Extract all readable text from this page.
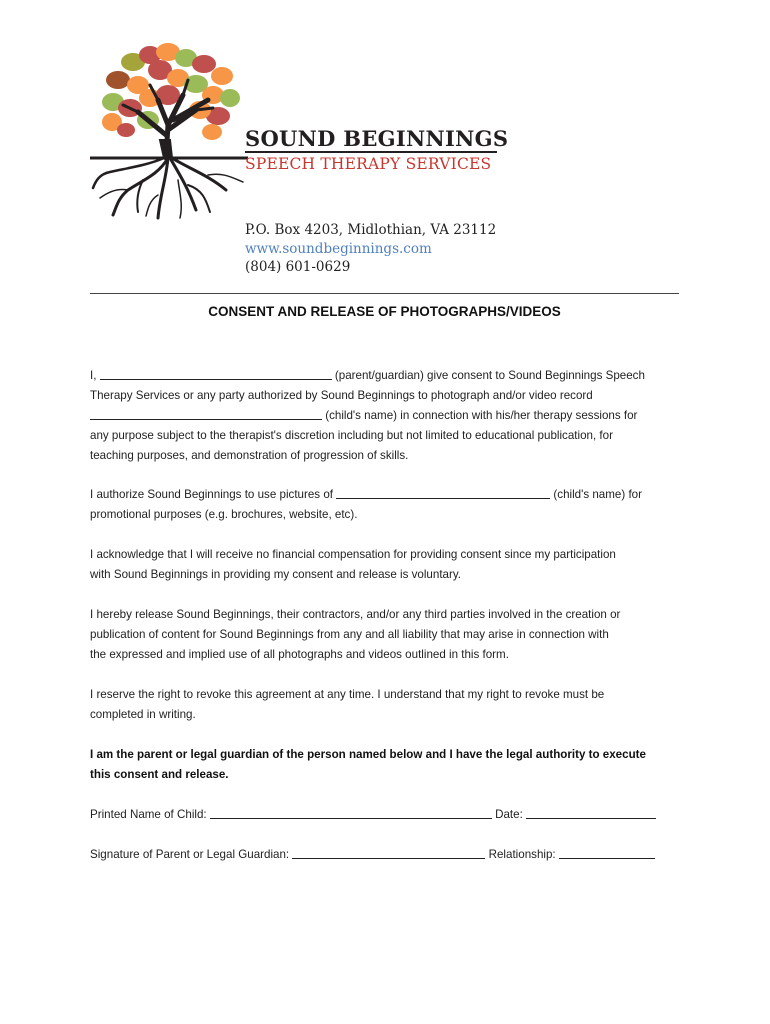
SOUND BEGINNINGS
SPEECH THERAPY SERVICES
P.O. Box 4203, Midlothian, VA 23112
www.soundbeginnings.com
(804) 601-0629
CONSENT AND RELEASE OF PHOTOGRAPHS/VIDEOS
I,	(parent/guardian) give consent to Sound Beginnings Speech
Therapy Services or any party authorized by Sound Beginnings to photograph and/or video record
(child's name) in connection with his/her therapy sessions for
any purpose subject to the therapist's discretion including but not limited to educational publication, for
teaching purposes, and demonstration of progression of skills.
I authorize Sound Beginnings to use pictures of	(child's name) for
promotional purposes (e.g. brochures, website, etc).
I acknowledge that I will receive no financial compensation for providing consent since my participation
with Sound Beginnings in providing my consent and release is voluntary.
I hereby release Sound Beginnings, their contractors, and/or any third parties involved in the creation or
publication of content for Sound Beginnings from any and all liability that may arise in connection with
the expressed and implied use of all photographs and videos outlined in this form.
I reserve the right to revoke this agreement at any time. I understand that my right to revoke must be
completed in writing.
I am the parent or legal guardian of the person named below and I have the legal authority to execute
this consent and release.
Printed Name of Child:	Date:
Signature of Parent or Legal Guardian:	Relationship:
